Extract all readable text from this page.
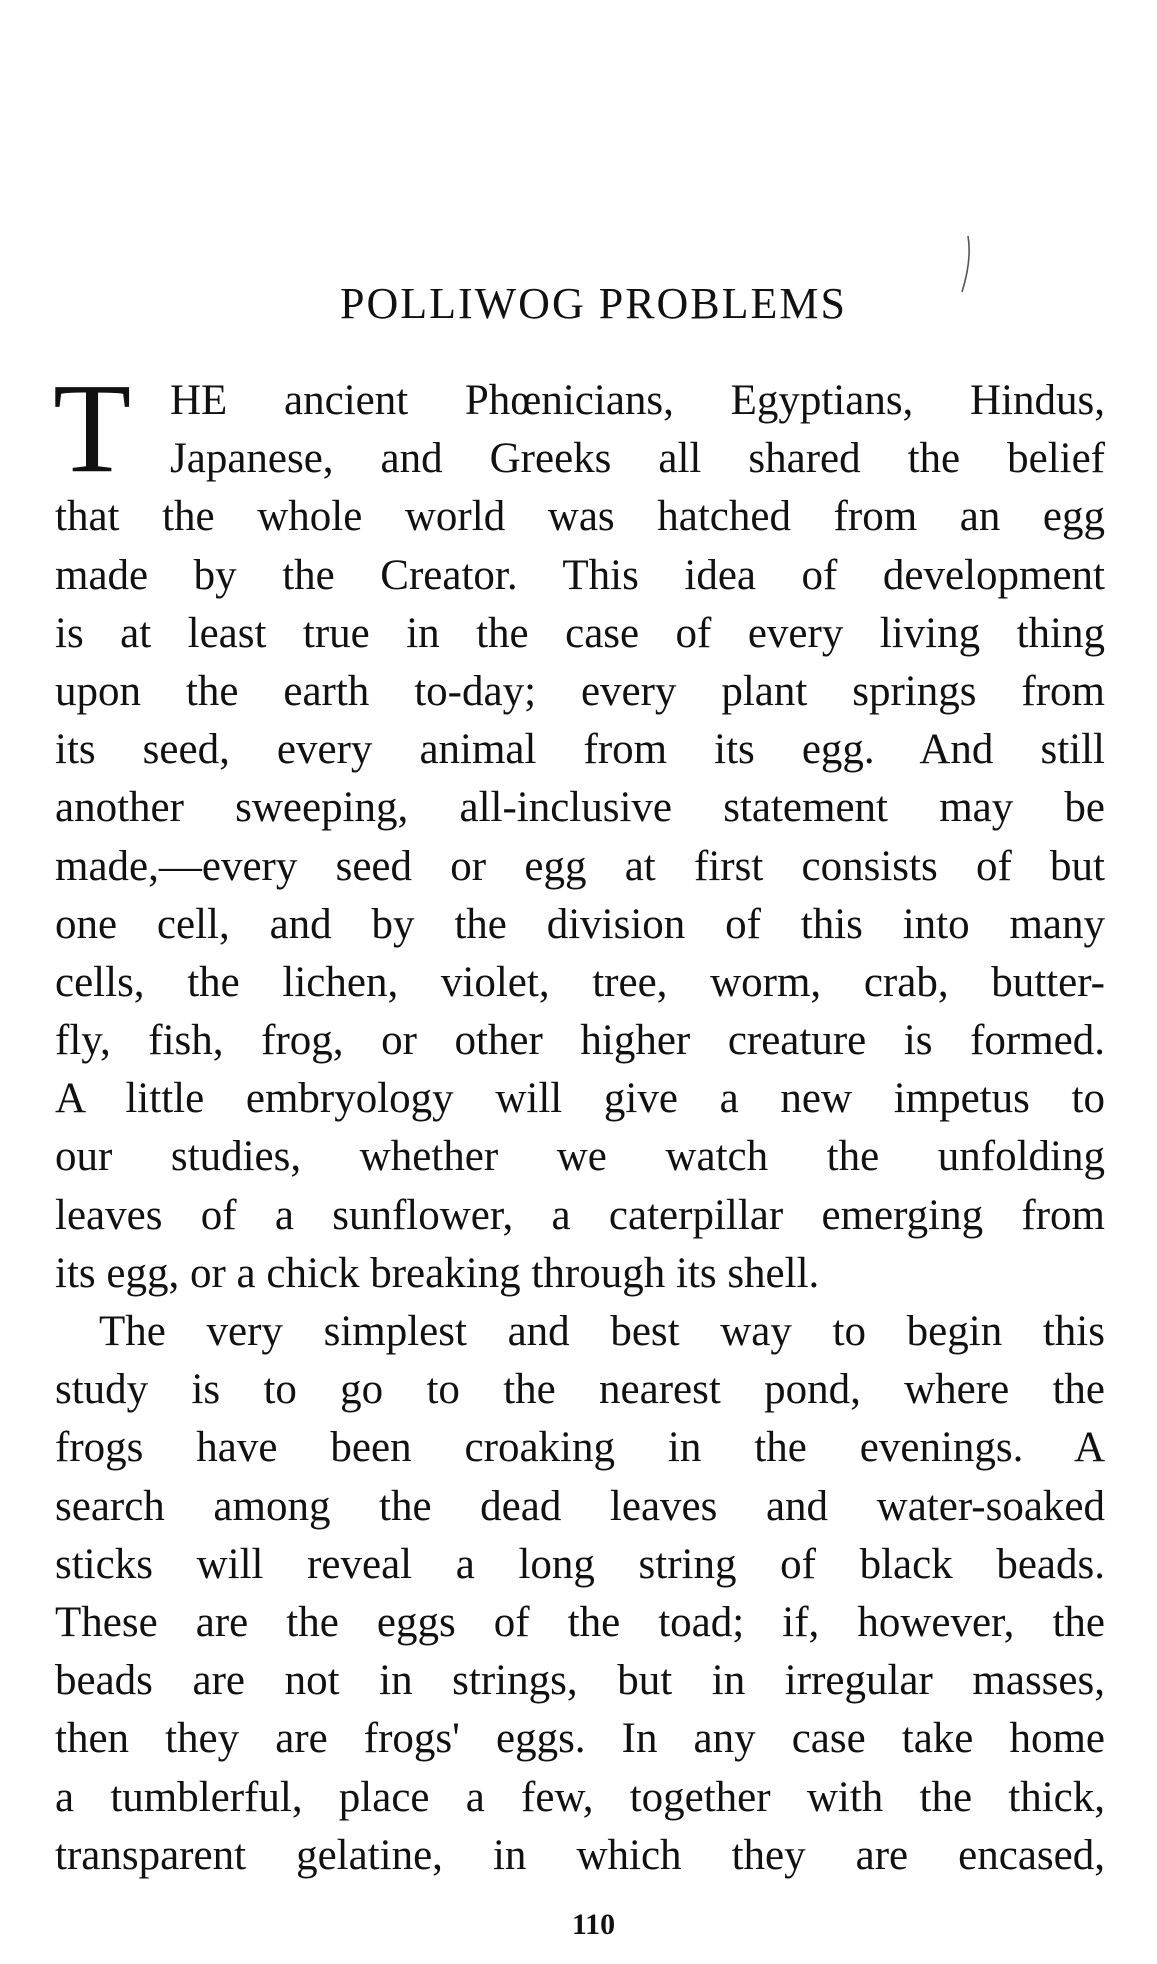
POLLIWOG PROBLEMS
T HE ancient Phœnicians, Egyptians, Hindus,
Japanese, and Greeks all shared the belief
that the whole world was hatched from an egg
made by the Creator. This idea of development
is at least true in the case of every living thing
upon the earth to-day; every plant springs from
its seed, every animal from its egg. And still
another sweeping, all-inclusive statement may be
made,—every seed or egg at first consists of but
one cell, and by the division of this into many
cells, the lichen, violet, tree, worm, crab, butter-
fly, fish, frog, or other higher creature is formed.
A little embryology will give a new impetus to
our studies, whether we watch the unfolding
leaves of a sunflower, a caterpillar emerging from
its egg, or a chick breaking through its shell.
The very simplest and best way to begin this
study is to go to the nearest pond, where the
frogs have been croaking in the evenings. A
search among the dead leaves and water-soaked
sticks will reveal a long string of black beads.
These are the eggs of the toad; if, however, the
beads are not in strings, but in irregular masses,
then they are frogs' eggs. In any case take home
a tumblerful, place a few, together with the thick,
transparent gelatine, in which they are encased,
110
